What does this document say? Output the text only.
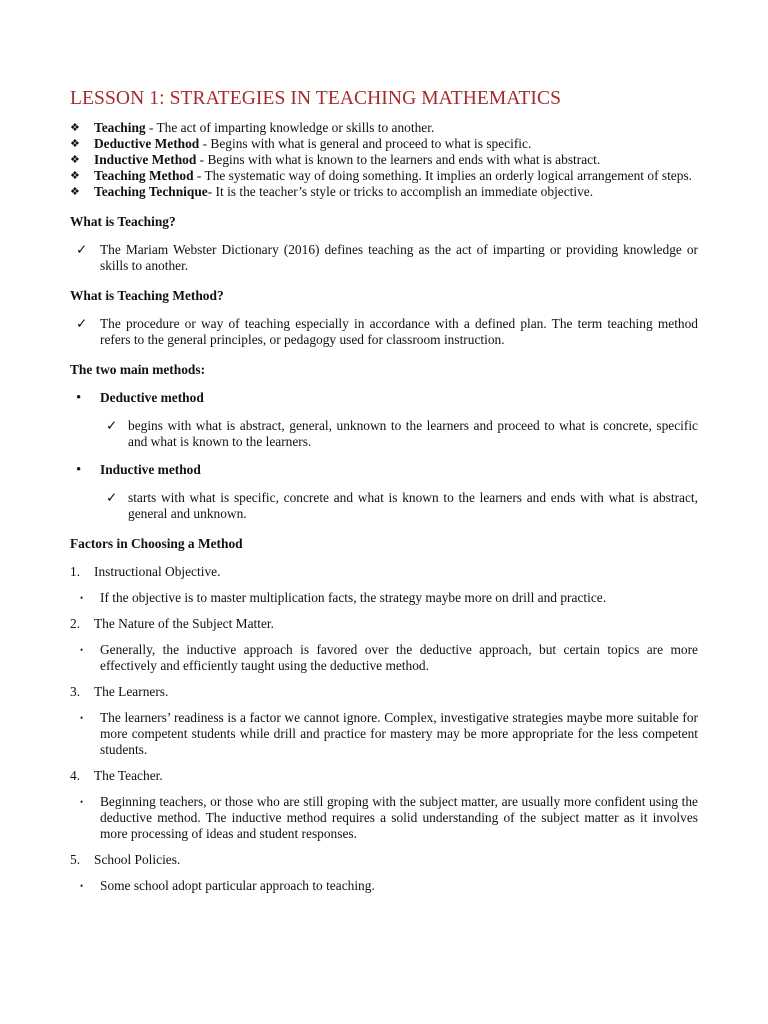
LESSON 1: STRATEGIES IN TEACHING MATHEMATICS
❖	Teaching - The act of imparting knowledge or skills to another.
❖	Deductive Method - Begins with what is general and proceed to what is specific.
❖	Inductive Method - Begins with what is known to the learners and ends with what is abstract.
❖	Teaching Method - The systematic way of doing something. It implies an orderly logical arrangement of steps.
❖	Teaching Technique- It is the teacher’s style or tricks to accomplish an immediate objective.
What is Teaching?
✓ The Mariam Webster Dictionary (2016) defines teaching as the act of imparting or providing knowledge or skills to another.
What is Teaching Method?
✓ The procedure or way of teaching especially in accordance with a defined plan. The term teaching method refers to the general principles, or pedagogy used for classroom instruction.
The two main methods:
•	Deductive method
✓ begins with what is abstract, general, unknown to the learners and proceed to what is concrete, specific and what is known to the learners.
•	Inductive method
✓ starts with what is specific, concrete and what is known to the learners and ends with what is abstract, general and unknown.
Factors in Choosing a Method
1.	Instructional Objective.
•	If the objective is to master multiplication facts, the strategy maybe more on drill and practice.
2.	The Nature of the Subject Matter.
•	Generally, the inductive approach is favored over the deductive approach, but certain topics are more effectively and efficiently taught using the deductive method.
3.	The Learners.
•	The learners’ readiness is a factor we cannot ignore. Complex, investigative strategies maybe more suitable for more competent students while drill and practice for mastery may be more appropriate for the less competent students.
4.	The Teacher.
•	Beginning teachers, or those who are still groping with the subject matter, are usually more confident using the deductive method. The inductive method requires a solid understanding of the subject matter as it involves more processing of ideas and student responses.
5.	School Policies.
•	Some school adopt particular approach to teaching.
